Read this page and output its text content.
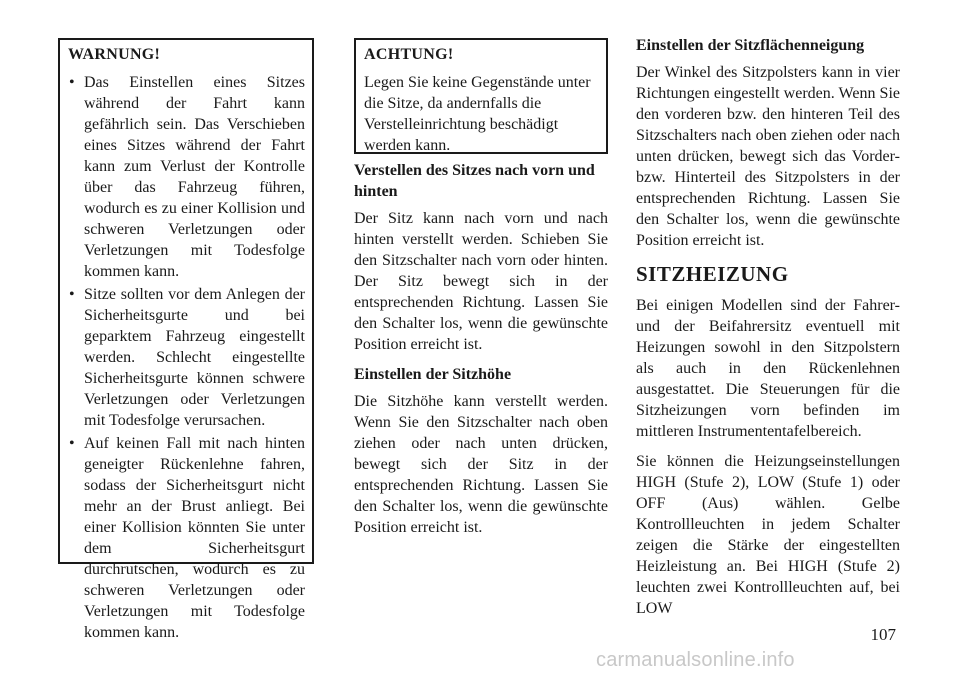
WARNUNG!
• Das Einstellen eines Sitzes während der Fahrt kann gefährlich sein. Das Verschieben eines Sitzes während der Fahrt kann zum Verlust der Kontrolle über das Fahrzeug führen, wodurch es zu einer Kollision und schweren Verletzungen oder Verletzungen mit Todesfolge kommen kann.
• Sitze sollten vor dem Anlegen der Sicherheitsgurte und bei geparktem Fahrzeug eingestellt werden. Schlecht eingestellte Sicherheitsgurte können schwere Verletzungen oder Verletzungen mit Todesfolge verursachen.
• Auf keinen Fall mit nach hinten geneigter Rückenlehne fahren, sodass der Sicherheitsgurt nicht mehr an der Brust anliegt. Bei einer Kollision könnten Sie unter dem Sicherheitsgurt durchrutschen, wodurch es zu schweren Verletzungen oder Verletzungen mit Todesfolge kommen kann.
ACHTUNG!

Legen Sie keine Gegenstände unter die Sitze, da andernfalls die Verstelleinrichtung beschädigt werden kann.

Verstellen des Sitzes nach vorn und hinten

Der Sitz kann nach vorn und nach hinten verstellt werden. Schieben Sie den Sitzschalter nach vorn oder hinten. Der Sitz bewegt sich in der entsprechenden Richtung. Lassen Sie den Schalter los, wenn die gewünschte Position erreicht ist.

Einstellen der Sitzhöhe

Die Sitzhöhe kann verstellt werden. Wenn Sie den Sitzschalter nach oben ziehen oder nach unten drücken, bewegt sich der Sitz in der entsprechenden Richtung. Lassen Sie den Schalter los, wenn die gewünschte Position erreicht ist.

Einstellen der Sitzflächenneigung

Der Winkel des Sitzpolsters kann in vier Richtungen eingestellt werden. Wenn Sie den vorderen bzw. den hinteren Teil des Sitzschalters nach oben ziehen oder nach unten drücken, bewegt sich das Vorder- bzw. Hinterteil des Sitzpolsters in der entsprechenden Richtung. Lassen Sie den Schalter los, wenn die gewünschte Position erreicht ist.

SITZHEIZUNG

Bei einigen Modellen sind der Fahrer- und der Beifahrersitz eventuell mit Heizungen sowohl in den Sitzpolstern als auch in den Rückenlehnen ausgestattet. Die Steuerungen für die Sitzheizungen vorn befinden im mittleren Instrumententafelbereich.

Sie können die Heizungseinstellungen HIGH (Stufe 2), LOW (Stufe 1) oder OFF (Aus) wählen. Gelbe Kontrollleuchten in jedem Schalter zeigen die Stärke der eingestellten Heizleistung an. Bei HIGH (Stufe 2) leuchten zwei Kontrollleuchten auf, bei LOW

107
carmanualsonline.info
